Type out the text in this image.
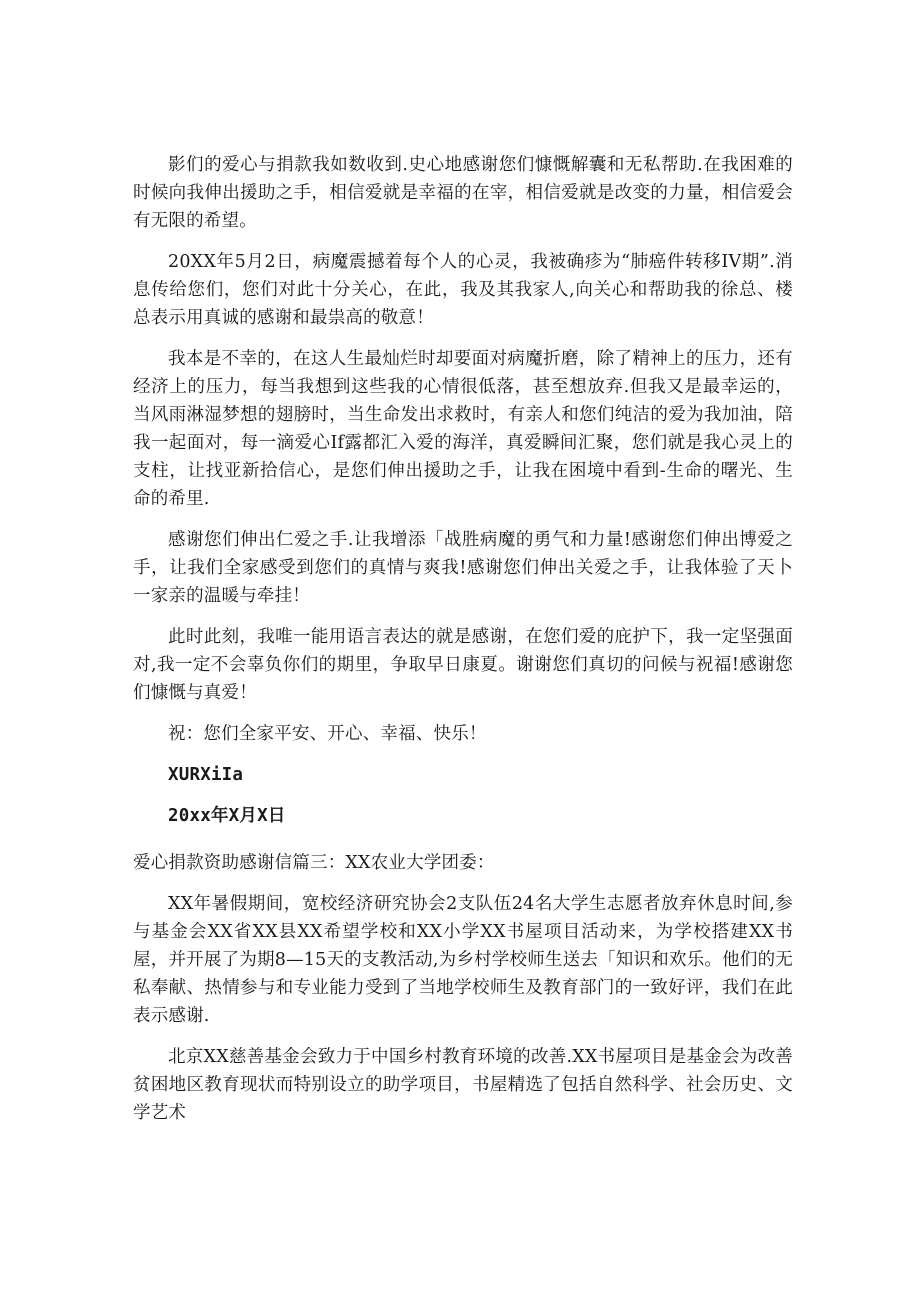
影们的爱心与捐款我如数收到.史心地感谢您们慷慨解囊和无私帮助.在我困难的时候向我伸出援助之手，相信爱就是幸福的在宰，相信爱就是改变的力量，相信爱会有无限的希望。

20XX年5月2日，病魔震撼着每个人的心灵，我被确疹为“肺癌件转移IV期”.消息传给您们，您们对此十分关心，在此，我及其我家人,向关心和帮助我的徐总、楼总表示用真诚的感谢和最祟高的敬意！

我本是不幸的，在这人生最灿烂时却要面对病魔折磨，除了精神上的压力，还有经济上的压力，每当我想到这些我的心情很低落，甚至想放弃.但我又是最幸运的，当风雨淋湿梦想的翅膀时，当生命发出求救时，有亲人和您们纯洁的爱为我加油，陪我一起面对，每一滴爱心If露都汇入爱的海洋，真爱瞬间汇聚，您们就是我心灵上的支柱，让找亚新拾信心，是您们伸出援助之手，让我在困境中看到-生命的曙光、生命的希里.

感谢您们伸出仁爱之手.让我增添「战胜病魔的勇气和力量!感谢您们伸出博爱之手，让我们全家感受到您们的真情与爽我!感谢您们伸出关爱之手，让我体验了天卜一家亲的温暖与牵挂！

此时此刻，我唯一能用语言表达的就是感谢，在您们爱的庇护下，我一定坚强面对,我一定不会辜负你们的期里，争取早日康夏。谢谢您们真切的问候与祝福!感谢您们慷慨与真爱！

祝：您们全家平安、开心、幸福、快乐！

XURXiIa

20xx年X月X日

爱心捐款资助感谢信篇三：XX农业大学团委：

XX年暑假期间，宽校经济研究协会2支队伍24名大学生志愿者放弃休息时间,参与基金会XX省XX县XX希望学校和XX小学XX书屋项目活动来，为学校搭建XX书屋，并开展了为期8—15天的支教活动,为乡村学校师生送去「知识和欢乐。他们的无私奉献、热情参与和专业能力受到了当地学校师生及教育部门的一致好评，我们在此表示感谢.

北京XX慈善基金会致力于中国乡村教育环境的改善.XX书屋项目是基金会为改善贫困地区教育现状而特别设立的助学项目，书屋精选了包括自然科学、社会历史、文学艺术
